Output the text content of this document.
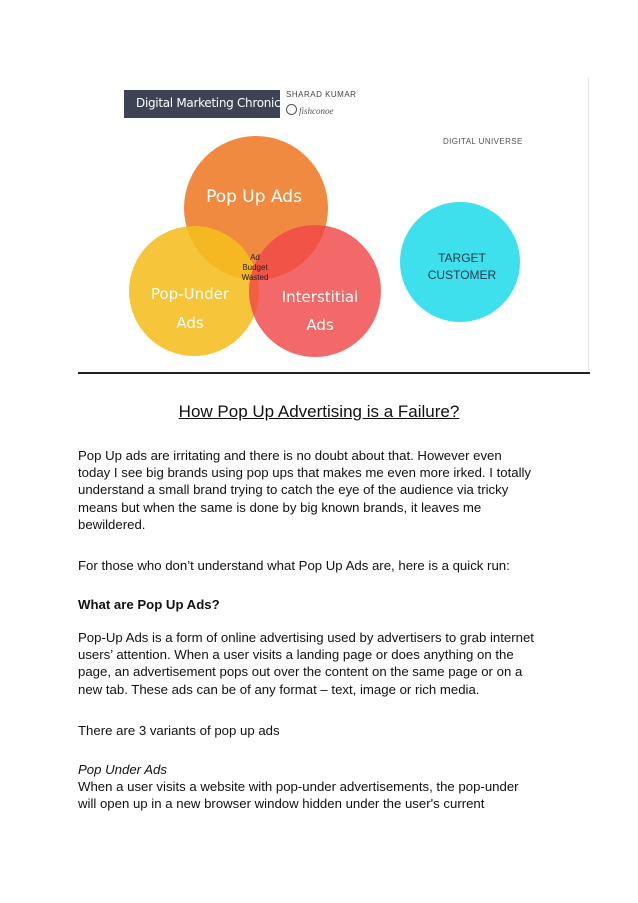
Digital Marketing Chronicles
SHARAD KUMAR
fishconoe
DIGITAL UNIVERSE
Pop Up Ads
Pop-Under
Ads
Interstitial
Ads
Ad
Budget
Wasted
TARGET
CUSTOMER
How Pop Up Advertising is a Failure?
Pop Up ads are irritating and there is no doubt about that. However even
today I see big brands using pop ups that makes me even more irked. I totally
understand a small brand trying to catch the eye of the audience via tricky
means but when the same is done by big known brands, it leaves me
bewildered.
For those who don’t understand what Pop Up Ads are, here is a quick run:
What are Pop Up Ads?
Pop-Up Ads is a form of online advertising used by advertisers to grab internet
users’ attention. When a user visits a landing page or does anything on the
page, an advertisement pops out over the content on the same page or on a
new tab. These ads can be of any format – text, image or rich media.
There are 3 variants of pop up ads
Pop Under Ads
When a user visits a website with pop-under advertisements, the pop-under
will open up in a new browser window hidden under the user's current
